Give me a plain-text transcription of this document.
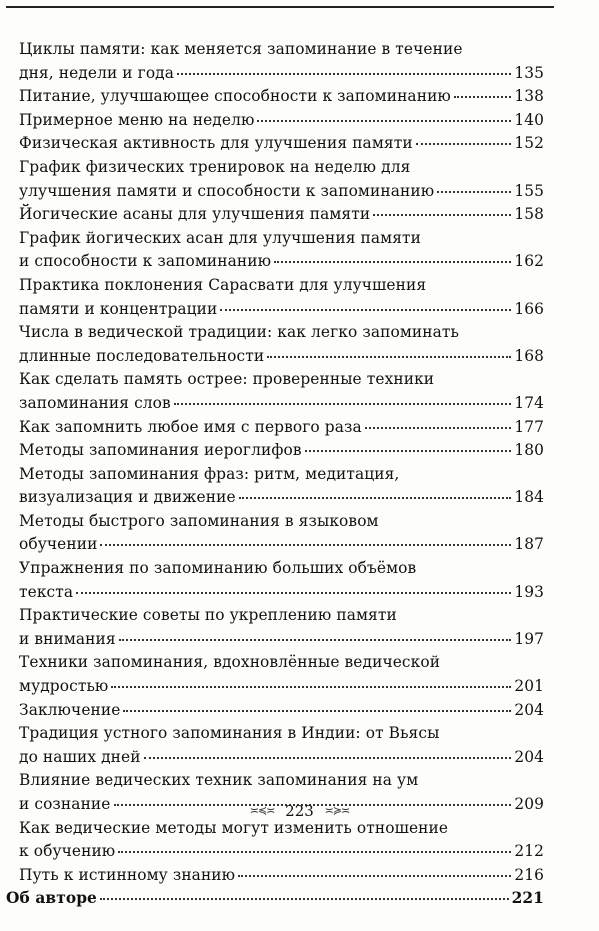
Циклы памяти: как меняется запоминание в течение
дня, недели и года	135
Питание, улучшающее способности к запоминанию	138
Примерное меню на неделю	140
Физическая активность для улучшения памяти	152
График физических тренировок на неделю для
улучшения памяти и способности к запоминанию	155
Йогические асаны для улучшения памяти	158
График йогических асан для улучшения памяти
и способности к запоминанию	162
Практика поклонения Сарасвати для улучшения
памяти и концентрации	166
Числа в ведической традиции: как легко запоминать
длинные последовательности	168
Как сделать память острее: проверенные техники
запоминания слов	174
Как запомнить любое имя с первого раза	177
Методы запоминания иероглифов	180
Методы запоминания фраз: ритм, медитация,
визуализация и движение	184
Методы быстрого запоминания в языковом
обучении	187
Упражнения по запоминанию больших объёмов
текста	193
Практические советы по укреплению памяти
и внимания	197
Техники запоминания, вдохновлённые ведической
мудростью	201
Заключение	204
Традиция устного запоминания в Индии: от Вьясы
до наших дней	204
Влияние ведических техник запоминания на ум
и сознание	209
Как ведические методы могут изменить отношение
к обучению	212
Путь к истинному знанию	216
Об авторе	221
≍≼≍ 223 ≍≽≍
